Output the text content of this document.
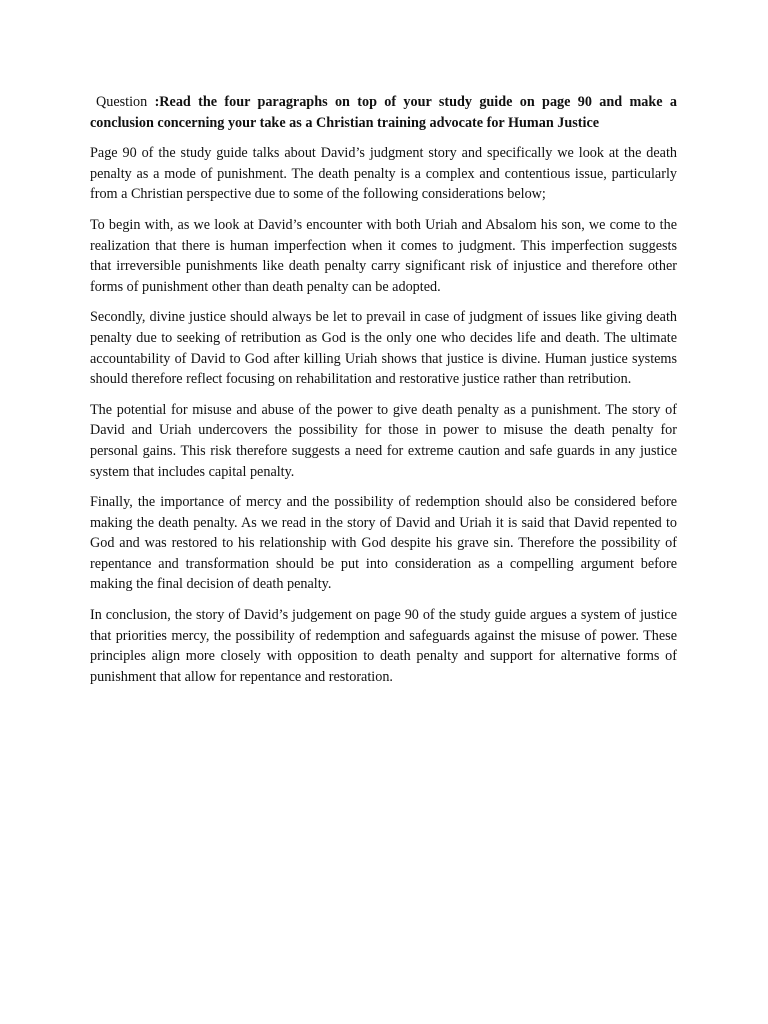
Question :Read the four paragraphs on top of your study guide on page 90 and make a conclusion concerning your take as a Christian training advocate for Human Justice

Page 90 of the study guide talks about David’s judgment story and specifically we look at the death penalty as a mode of punishment. The death penalty is a complex and contentious issue, particularly from a Christian perspective due to some of the following considerations below;

To begin with, as we look at David’s encounter with both Uriah and Absalom his son, we come to the realization that there is human imperfection when it comes to judgment. This imperfection suggests that irreversible punishments like death penalty carry significant risk of injustice and therefore other forms of punishment other than death penalty can be adopted.

Secondly, divine justice should always be let to prevail in case of judgment of issues like giving death penalty due to seeking of retribution as God is the only one who decides life and death. The ultimate accountability of David to God after killing Uriah shows that justice is divine. Human justice systems should therefore reflect focusing on rehabilitation and restorative justice rather than retribution.

The potential for misuse and abuse of the power to give death penalty as a punishment. The story of David and Uriah undercovers the possibility for those in power to misuse the death penalty for personal gains. This risk therefore suggests a need for extreme caution and safe guards in any justice system that includes capital penalty.

Finally, the importance of mercy and the possibility of redemption should also be considered before making the death penalty. As we read in the story of David and Uriah it is said that David repented to God and was restored to his relationship with God despite his grave sin. Therefore the possibility of repentance and transformation should be put into consideration as a compelling argument before making the final decision of death penalty.

In conclusion, the story of David’s judgement on page 90 of the study guide argues a system of justice that priorities mercy, the possibility of redemption and safeguards against the misuse of power. These principles align more closely with opposition to death penalty and support for alternative forms of punishment that allow for repentance and restoration.
